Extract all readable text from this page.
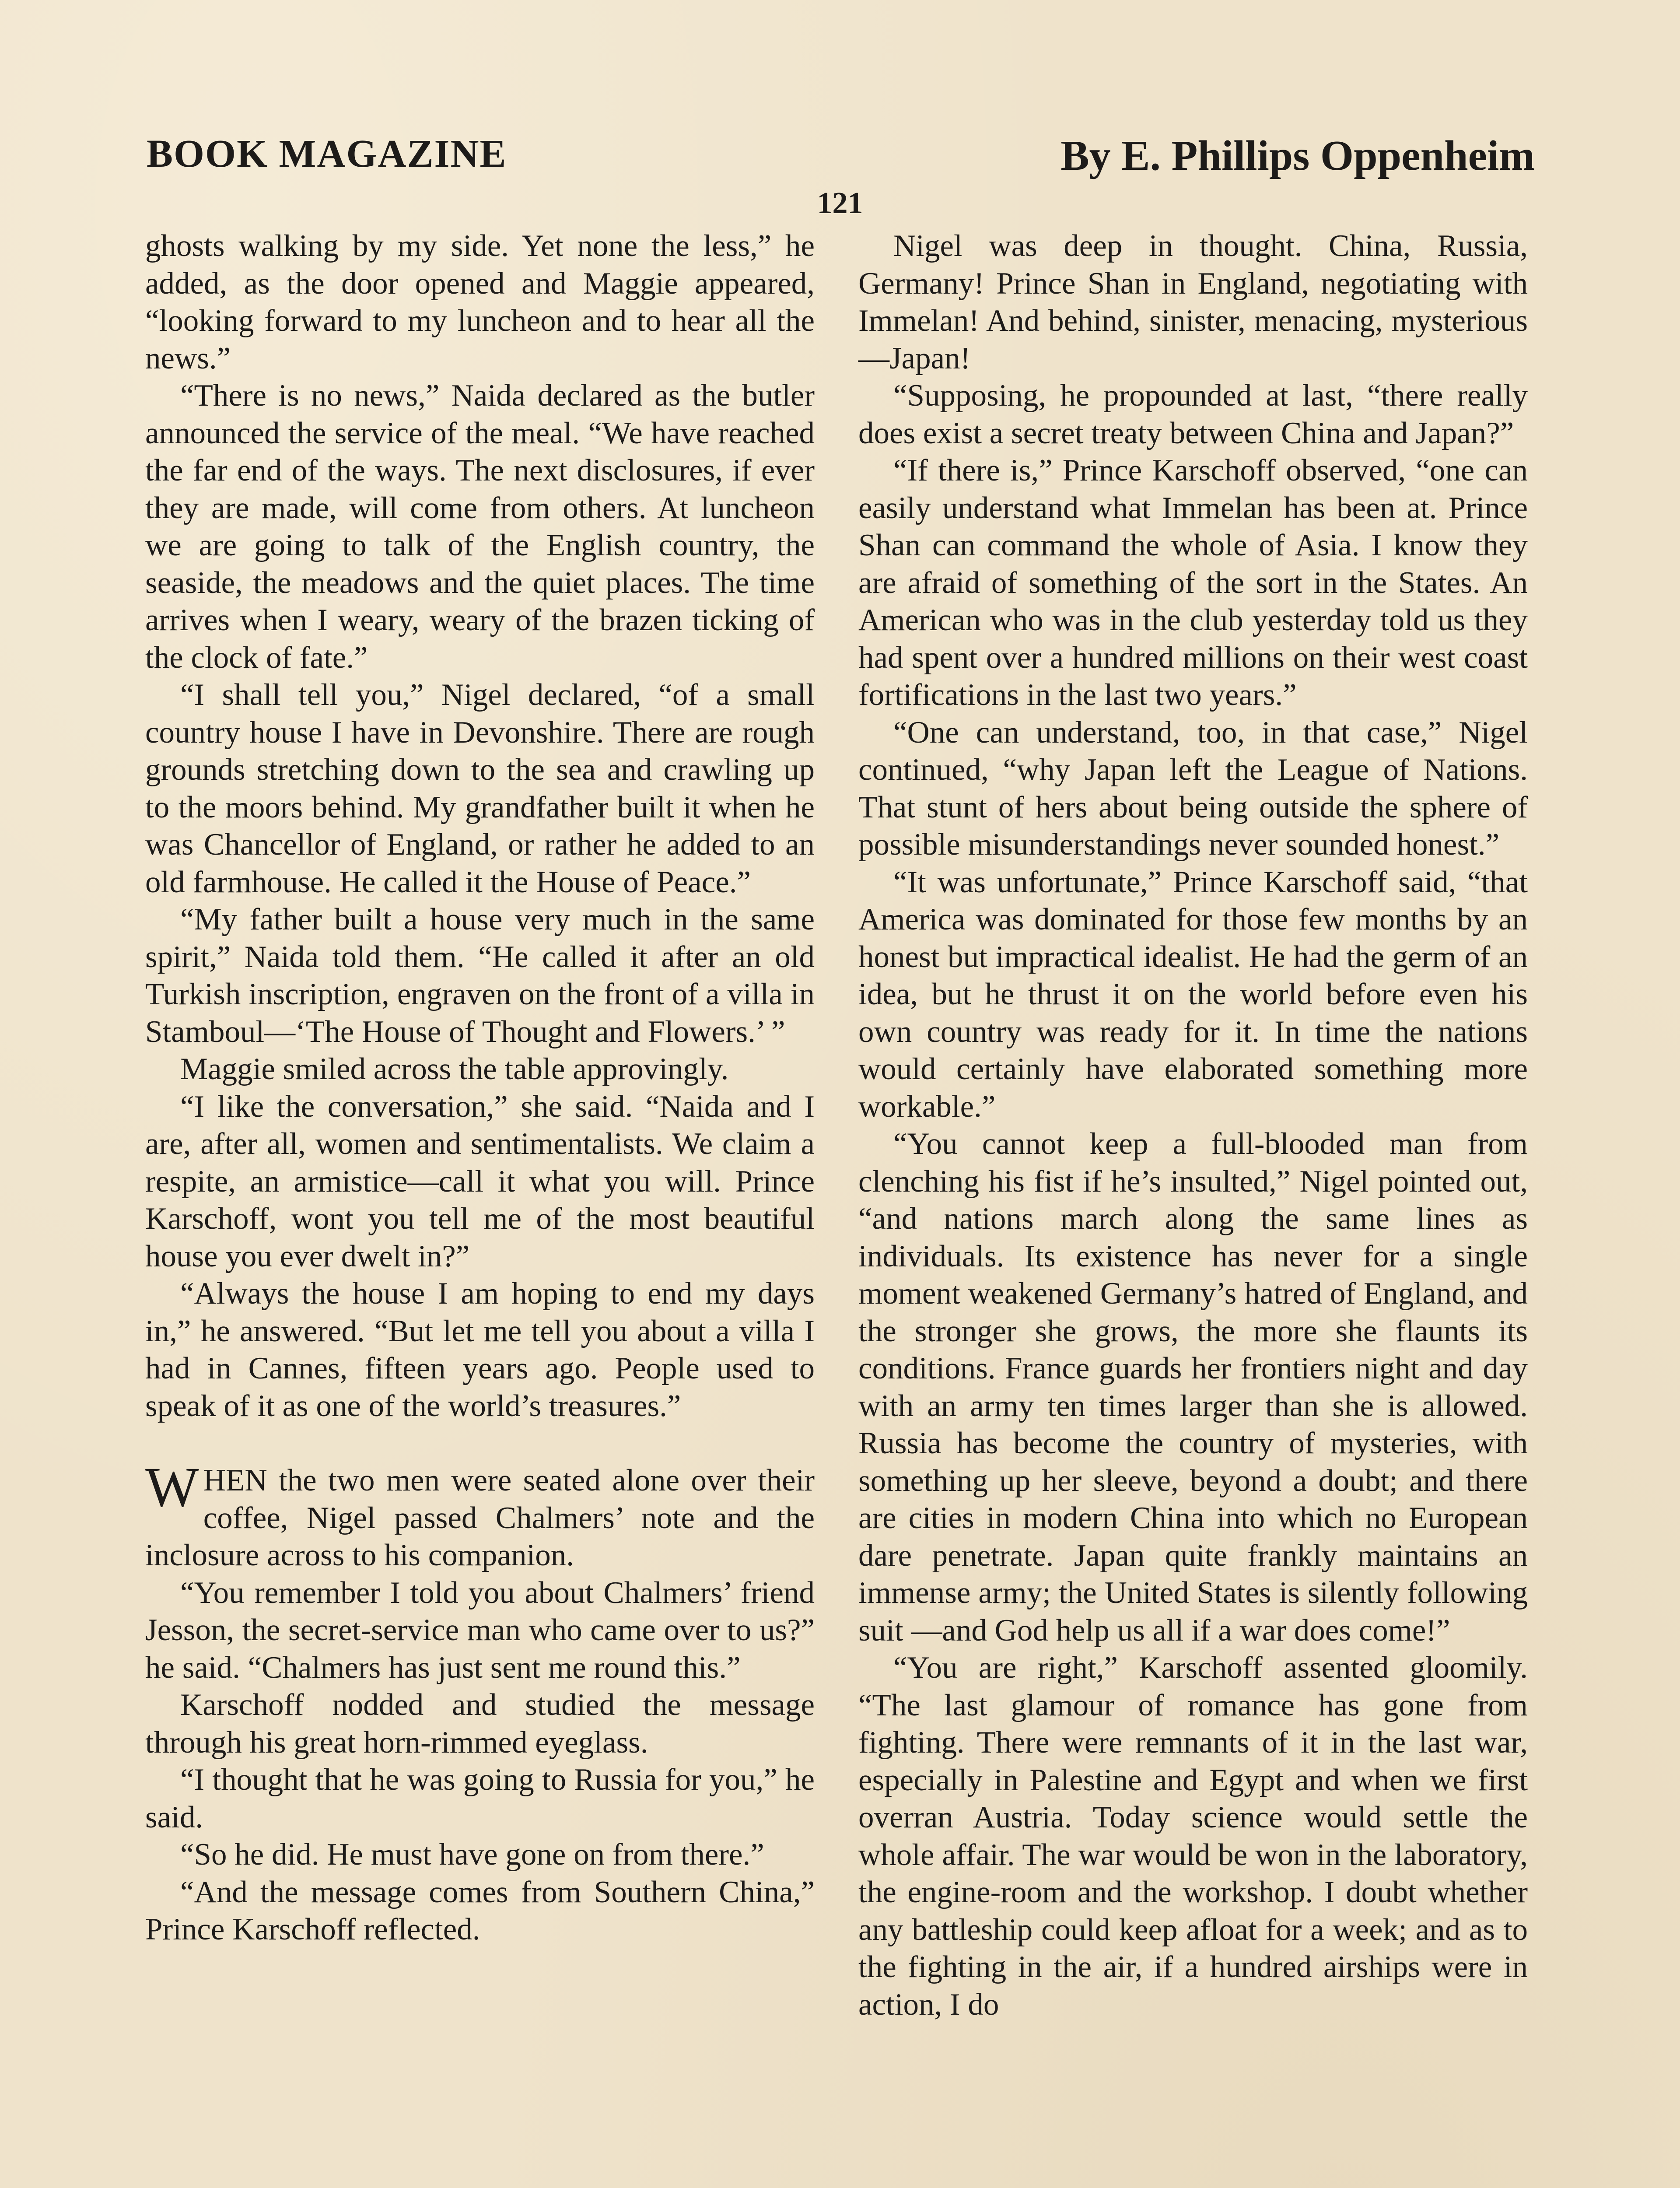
BOOK MAGAZINE	By E. Phillips Oppenheim
121

ghosts walking by my side. Yet none the less,” he added, as the door opened and Maggie appeared, “looking forward to my luncheon and to hear all the news.”

“There is no news,” Naida declared as the butler announced the service of the meal. “We have reached the far end of the ways. The next disclosures, if ever they are made, will come from others. At luncheon we are going to talk of the English country, the seaside, the meadows and the quiet places. The time arrives when I weary, weary of the brazen ticking of the clock of fate.”

“I shall tell you,” Nigel declared, “of a small country house I have in Devonshire. There are rough grounds stretching down to the sea and crawling up to the moors behind. My grandfather built it when he was Chancellor of England, or rather he added to an old farmhouse. He called it the House of Peace.”

“My father built a house very much in the same spirit,” Naida told them. “He called it after an old Turkish inscription, engraven on the front of a villa in Stamboul—‘The House of Thought and Flowers.’ ”

Maggie smiled across the table approvingly.

“I like the conversation,” she said. “Naida and I are, after all, women and sentimentalists. We claim a respite, an armistice—call it what you will. Prince Karschoff, wont you tell me of the most beautiful house you ever dwelt in?”

“Always the house I am hoping to end my days in,” he answered. “But let me tell you about a villa I had in Cannes, fifteen years ago. People used to speak of it as one of the world’s treasures.”

WHEN the two men were seated alone over their coffee, Nigel passed Chalmers’ note and the inclosure across to his companion.

“You remember I told you about Chalmers’ friend Jesson, the secret-service man who came over to us?” he said. “Chalmers has just sent me round this.”

Karschoff nodded and studied the message through his great horn-rimmed eyeglass.

“I thought that he was going to Russia for you,” he said.

“So he did. He must have gone on from there.”

“And the message comes from Southern China,” Prince Karschoff reflected.

Nigel was deep in thought. China, Russia, Germany! Prince Shan in England, negotiating with Immelan! And behind, sinister, menacing, mysterious—Japan!

“Supposing, he propounded at last, “there really does exist a secret treaty between China and Japan?”

“If there is,” Prince Karschoff observed, “one can easily understand what Immelan has been at. Prince Shan can command the whole of Asia. I know they are afraid of something of the sort in the States. An American who was in the club yesterday told us they had spent over a hundred millions on their west coast fortifications in the last two years.”

“One can understand, too, in that case,” Nigel continued, “why Japan left the League of Nations. That stunt of hers about being outside the sphere of possible misunderstandings never sounded honest.”

“It was unfortunate,” Prince Karschoff said, “that America was dominated for those few months by an honest but impractical idealist. He had the germ of an idea, but he thrust it on the world before even his own country was ready for it. In time the nations would certainly have elaborated something more workable.”

“You cannot keep a full-blooded man from clenching his fist if he’s insulted,” Nigel pointed out, “and nations march along the same lines as individuals. Its existence has never for a single moment weakened Germany’s hatred of England, and the stronger she grows, the more she flaunts its conditions. France guards her frontiers night and day with an army ten times larger than she is allowed. Russia has become the country of mysteries, with something up her sleeve, beyond a doubt; and there are cities in modern China into which no European dare penetrate. Japan quite frankly maintains an immense army; the United States is silently following suit —and God help us all if a war does come!”

“You are right,” Karschoff assented gloomily. “The last glamour of romance has gone from fighting. There were remnants of it in the last war, especially in Palestine and Egypt and when we first overran Austria. Today science would settle the whole affair. The war would be won in the laboratory, the engine-room and the workshop. I doubt whether any battleship could keep afloat for a week; and as to the fighting in the air, if a hundred airships were in action, I do
